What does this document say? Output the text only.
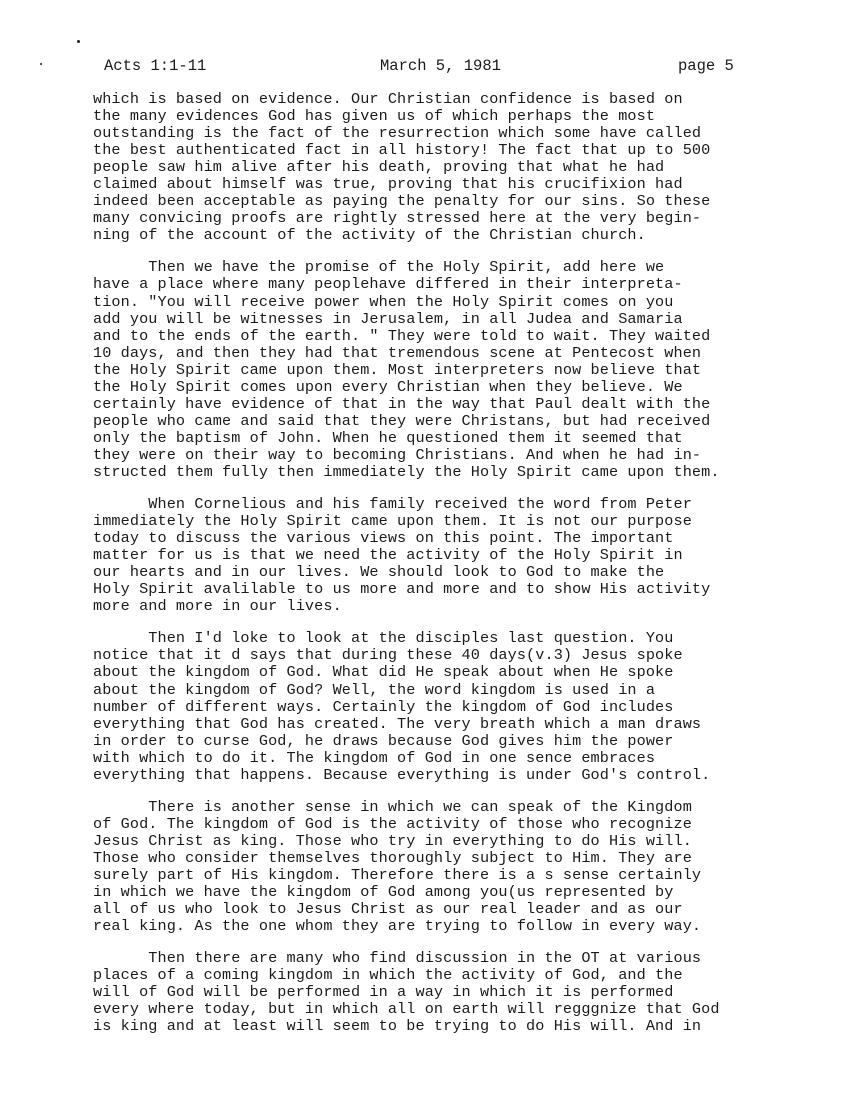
Acts 1:1-11	March 5, 1981	page 5
which is based on evidence. Our Christian confidence is based on
the many evidences God has given us of which perhaps the most
outstanding is the fact of the resurrection which some have called
the best authenticated fact in all history! The fact that up to 500
people saw him alive after his death, proving that what he had
claimed about himself was true, proving that his crucifixion had
indeed been acceptable as paying the penalty for our sins. So these
many convicing proofs are rightly stressed here at the very begin-
ning of the account of the activity of the Christian church.
Then we have the promise of the Holy Spirit, add here we
have a place where many peoplehave differed in their interpreta-
tion. "You will receive power when the Holy Spirit comes on you
add you will be witnesses in Jerusalem, in all Judea and Samaria
and to the ends of the earth. " They were told to wait. They waited
10 days, and then they had that tremendous scene at Pentecost when
the Holy Spirit came upon them. Most interpreters now believe that
the Holy Spirit comes upon every Christian when they believe. We
certainly have evidence of that in the way that Paul dealt with the
people who came and said that they were Christans, but had received
only the baptism of John. When he questioned them it seemed that
they were on their way to becoming Christians. And when he had in-
structed them fully then immediately the Holy Spirit came upon them.
When Cornelious and his family received the word from Peter
immediately the Holy Spirit came upon them. It is not our purpose
today to discuss the various views on this point. The important
matter for us is that we need the activity of the Holy Spirit in
our hearts and in our lives. We should look to God to make the
Holy Spirit avalilable to us more and more and to show His activity
more and more in our lives.
Then I'd loke to look at the disciples last question. You
notice that it d says that during these 40 days(v.3) Jesus spoke
about the kingdom of God. What did He speak about when He spoke
about the kingdom of God? Well, the word kingdom is used in a
number of different ways. Certainly the kingdom of God includes
everything that God has created. The very breath which a man draws
in order to curse God, he draws because God gives him the power
with which to do it. The kingdom of God in one sence embraces
everything that happens. Because everything is under God's control.
There is another sense in which we can speak of the Kingdom
of God. The kingdom of God is the activity of those who recognize
Jesus Christ as king. Those who try in everything to do His will.
Those who consider themselves thoroughly subject to Him. They are
surely part of His kingdom. Therefore there is a s sense certainly
in which we have the kingdom of God among you(us represented by
all of us who look to Jesus Christ as our real leader and as our
real king. As the one whom they are trying to follow in every way.
Then there are many who find discussion in the OT at various
places of a coming kingdom in which the activity of God, and the
will of God will be performed in a way in which it is performed
every where today, but in which all on earth will regggnize that God
is king and at least will seem to be trying to do His will. And in
